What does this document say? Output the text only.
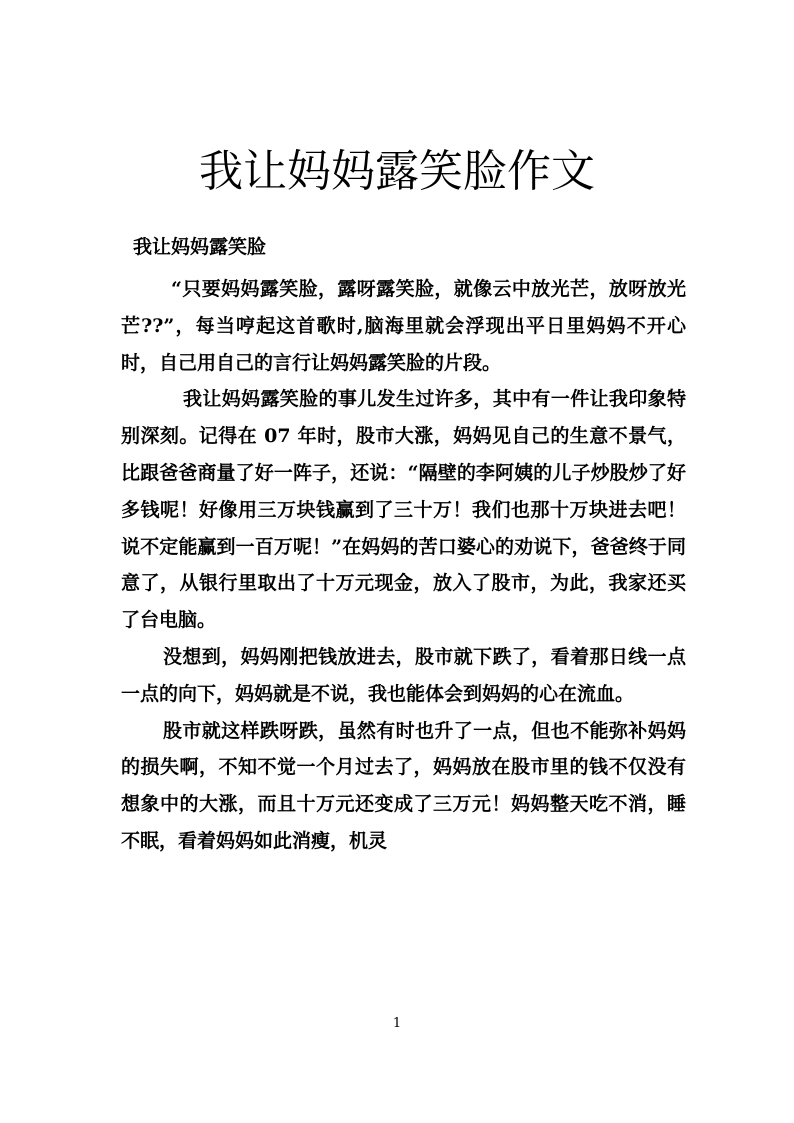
我让妈妈露笑脸作文

我让妈妈露笑脸

“只要妈妈露笑脸，露呀露笑脸，就像云中放光芒，放呀放光芒??”，每当哼起这首歌时,脑海里就会浮现出平日里妈妈不开心时，自己用自己的言行让妈妈露笑脸的片段。

我让妈妈露笑脸的事儿发生过许多，其中有一件让我印象特别深刻。记得在 07 年时，股市大涨，妈妈见自己的生意不景气，比跟爸爸商量了好一阵子，还说：“隔壁的李阿姨的儿子炒股炒了好多钱呢！好像用三万块钱赢到了三十万！我们也那十万块进去吧！说不定能赢到一百万呢！”在妈妈的苦口婆心的劝说下，爸爸终于同意了，从银行里取出了十万元现金，放入了股市，为此，我家还买了台电脑。

没想到，妈妈刚把钱放进去，股市就下跌了，看着那日线一点一点的向下，妈妈就是不说，我也能体会到妈妈的心在流血。

股市就这样跌呀跌，虽然有时也升了一点，但也不能弥补妈妈的损失啊，不知不觉一个月过去了，妈妈放在股市里的钱不仅没有想象中的大涨，而且十万元还变成了三万元！妈妈整天吃不消，睡不眠，看着妈妈如此消瘦，机灵

1
